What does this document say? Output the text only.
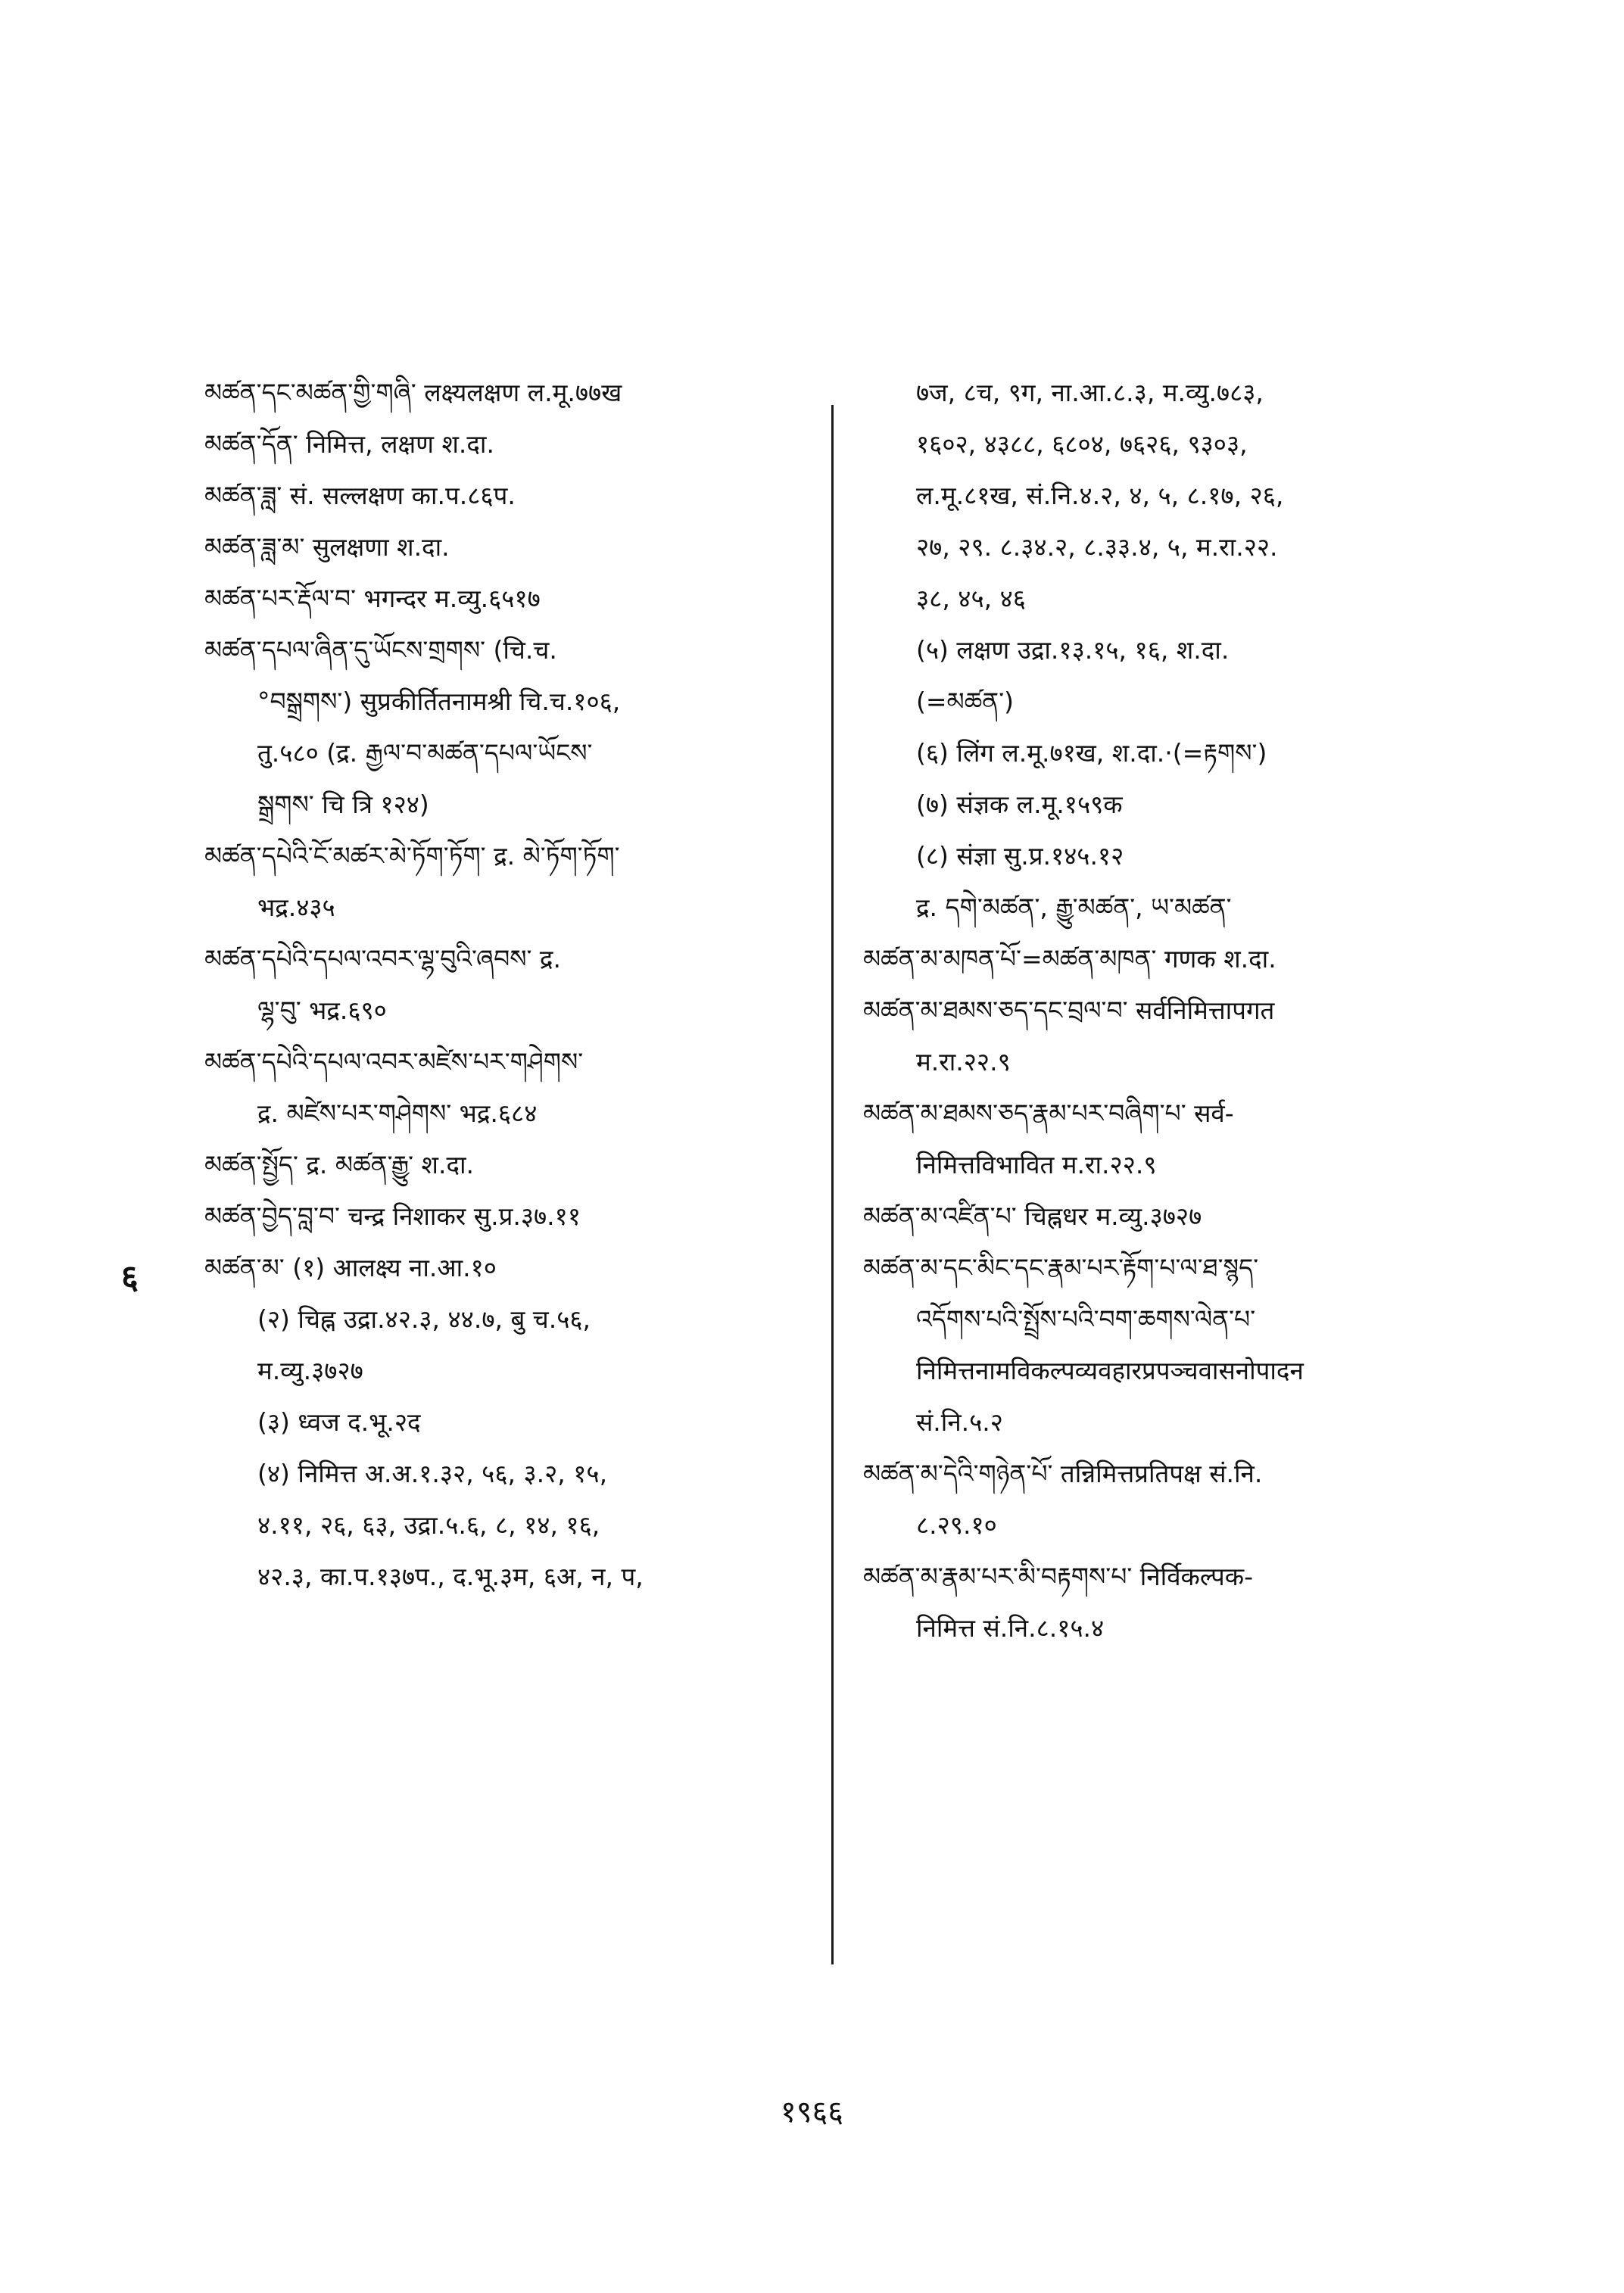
མཚན་དང་མཚན་གྱི་གཞི་ लक्ष्यलक्षण ल.मू.७७ख
མཚན་དོན་ निमित्त, लक्षण श.दा.
མཚན་ཟླ་ सं. सल्लक्षण का.प.८६प.
མཚན་ཟླ་མ་ सुलक्षणा श.दा.
མཚན་པར་རྡོལ་བ་ भगन्दर म.व्यु.६५१७
མཚན་དཔལ་ཞིན་དུ་ཡོངས་གྲགས་ (चि.च.
°བསྒྲགས་) सुप्रकीर्तितनामश्री चि.च.१०६,
तु.५८० (द्र. རྒྱལ་བ་མཚན་དཔལ་ཡོངས་
སྒྲགས་ चि त्रि १२४)
མཚན་དཔེའི་ངོ་མཚར་མེ་ཏོག་ཏོག་ द्र. མེ་ཏོག་ཏོག་
भद्र.४३५
མཚན་དཔེའི་དཔལ་འབར་ལྷ་བུའི་ཞབས་ द्र.
ལྷ་བུ་ भद्र.६९०
མཚན་དཔེའི་དཔལ་འབར་མཛེས་པར་གཤེགས་
द्र. མཛེས་པར་གཤེགས་ भद्र.६८४
མཚན་སྤྱོད་ द्र. མཚན་རྒྱུ་ श.दा.
མཚན་བྱེད་བླ་བ་ चन्द्र निशाकर सु.प्र.३७.११
མཚན་མ་ (१) आलक्ष्य ना.आ.१०
(२) चिह्न उद्रा.४२.३, ४४.७, बु च.५६,
म.व्यु.३७२७
(३) ध्वज द.भू.२द
(४) निमित्त अ.अ.१.३२, ५६, ३.२, १५,
४.११, २६, ६३, उद्रा.५.६, ८, १४, १६,
४२.३, का.प.१३७प., द.भू.३म, ६अ, न, प,
७ज, ८च, ९ग, ना.आ.८.३, म.व्यु.७८३,
१६०२, ४३८८, ६८०४, ७६२६, ९३०३,
ल.मू.८१ख, सं.नि.४.२, ४, ५, ८.१७, २६,
२७, २९. ८.३४.२, ८.३३.४, ५, म.रा.२२.
३८, ४५, ४६
(५) लक्षण उद्रा.१३.१५, १६, श.दा.
(=མཚན་)
(६) लिंग ल.मू.७१ख, श.दा.·(=རྟགས་)
(७) संज्ञक ल.मू.१५९क
(८) संज्ञा सु.प्र.१४५.१२
द्र. དགེ་མཚན་, རྒྱུ་མཚན་, ཡ་མཚན་
མཚན་མ་མཁན་པོ་=མཚན་མཁན་ गणक श.दा.
མཚན་མ་ཐམས་ཅད་དང་བྲལ་བ་ सर्वनिमित्तापगत
म.रा.२२.९
མཚན་མ་ཐམས་ཅད་རྣམ་པར་བཞིག་པ་ सर्व-
निमित्तविभावित म.रा.२२.९
མཚན་མ་འཛིན་པ་ चिह्नधर म.व्यु.३७२७
མཚན་མ་དང་མིང་དང་རྣམ་པར་རྟོག་པ་ལ་ཐ་སྙད་
འདོགས་པའི་སྤྲོས་པའི་བག་ཆགས་ལེན་པ་
निमित्तनामविकल्पव्यवहारप्रपञ्चवासनोपादन
सं.नि.५.२
མཚན་མ་དེའི་གཉེན་པོ་ तन्निमित्तप्रतिपक्ष सं.नि.
८.२९.१०
མཚན་མ་རྣམ་པར་མི་བརྟགས་པ་ निर्विकल्पक-
निमित्त सं.नि.८.१५.४
६
१९६६
